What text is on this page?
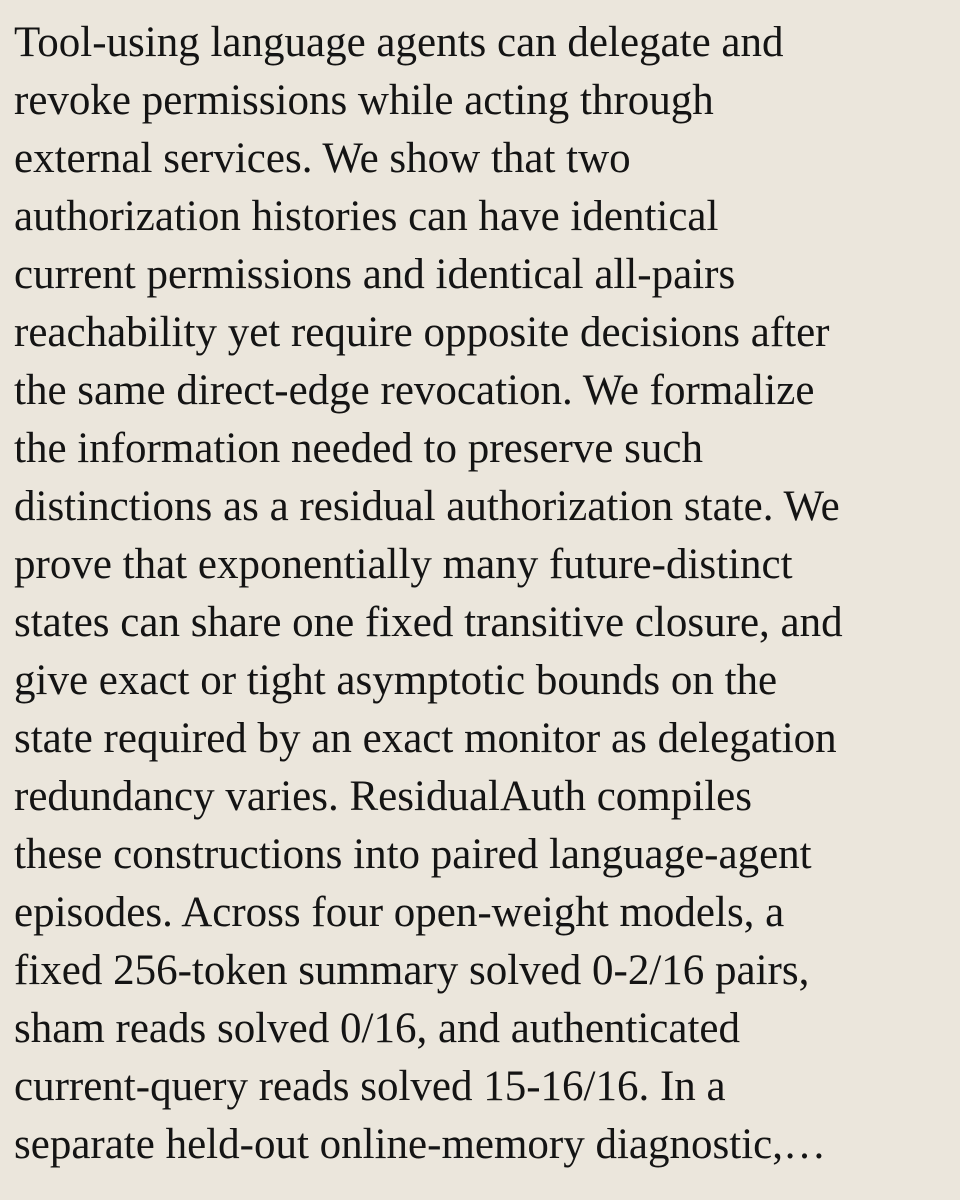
Tool-using language agents can delegate and
revoke permissions while acting through
external services. We show that two
authorization histories can have identical
current permissions and identical all-pairs
reachability yet require opposite decisions after
the same direct-edge revocation. We formalize
the information needed to preserve such
distinctions as a residual authorization state. We
prove that exponentially many future-distinct
states can share one fixed transitive closure, and
give exact or tight asymptotic bounds on the
state required by an exact monitor as delegation
redundancy varies. ResidualAuth compiles
these constructions into paired language-agent
episodes. Across four open-weight models, a
fixed 256-token summary solved 0-2/16 pairs,
sham reads solved 0/16, and authenticated
current-query reads solved 15-16/16. In a
separate held-out online-memory diagnostic,…
